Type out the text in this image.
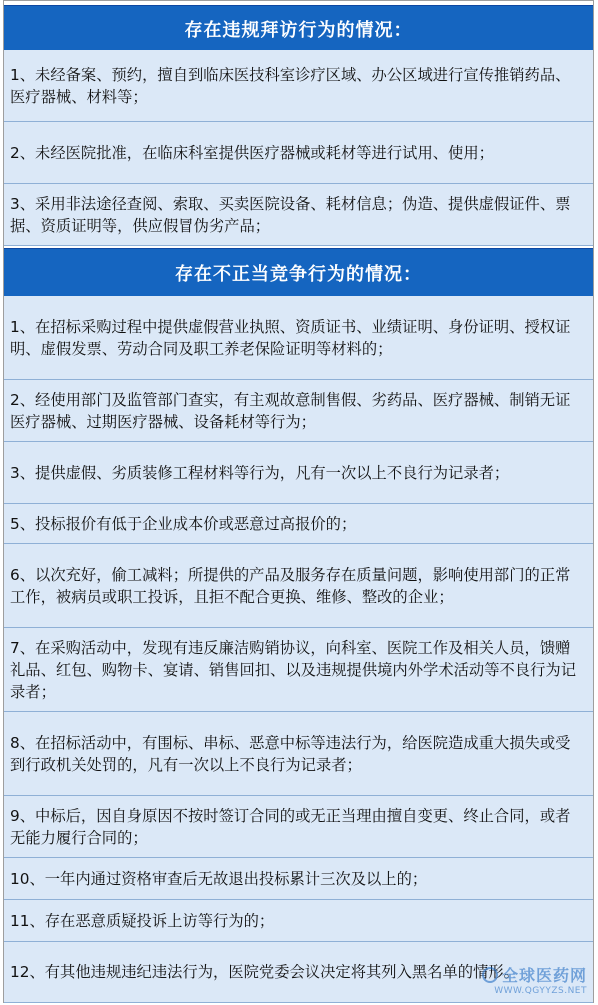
存在违规拜访行为的情况：
1、未经备案、预约，擅自到临床医技科室诊疗区域、办公区域进行宣传推销药品、医疗器械、材料等；
2、未经医院批准，在临床科室提供医疗器械或耗材等进行试用、使用；
3、采用非法途径查阅、索取、买卖医院设备、耗材信息；伪造、提供虚假证件、票据、资质证明等，供应假冒伪劣产品；
存在不正当竞争行为的情况：
1、在招标采购过程中提供虚假营业执照、资质证书、业绩证明、身份证明、授权证明、虚假发票、劳动合同及职工养老保险证明等材料的；
2、经使用部门及监管部门查实，有主观故意制售假、劣药品、医疗器械、制销无证医疗器械、过期医疗器械、设备耗材等行为；
3、提供虚假、劣质装修工程材料等行为，凡有一次以上不良行为记录者；
5、投标报价有低于企业成本价或恶意过高报价的；
6、以次充好，偷工减料；所提供的产品及服务存在质量问题，影响使用部门的正常工作，被病员或职工投诉，且拒不配合更换、维修、整改的企业；
7、在采购活动中，发现有违反廉洁购销协议，向科室、医院工作及相关人员，馈赠礼品、红包、购物卡、宴请、销售回扣、以及违规提供境内外学术活动等不良行为记录者；
8、在招标活动中，有围标、串标、恶意中标等违法行为，给医院造成重大损失或受到行政机关处罚的，凡有一次以上不良行为记录者；
9、中标后，因自身原因不按时签订合同的或无正当理由擅自变更、终止合同，或者无能力履行合同的；
10、一年内通过资格审查后无故退出投标累计三次及以上的；
11、存在恶意质疑投诉上访等行为的；
12、有其他违规违纪违法行为，医院党委会议决定将其列入黑名单的情形。
全球医药网
WWW.QGYYZS.NET
